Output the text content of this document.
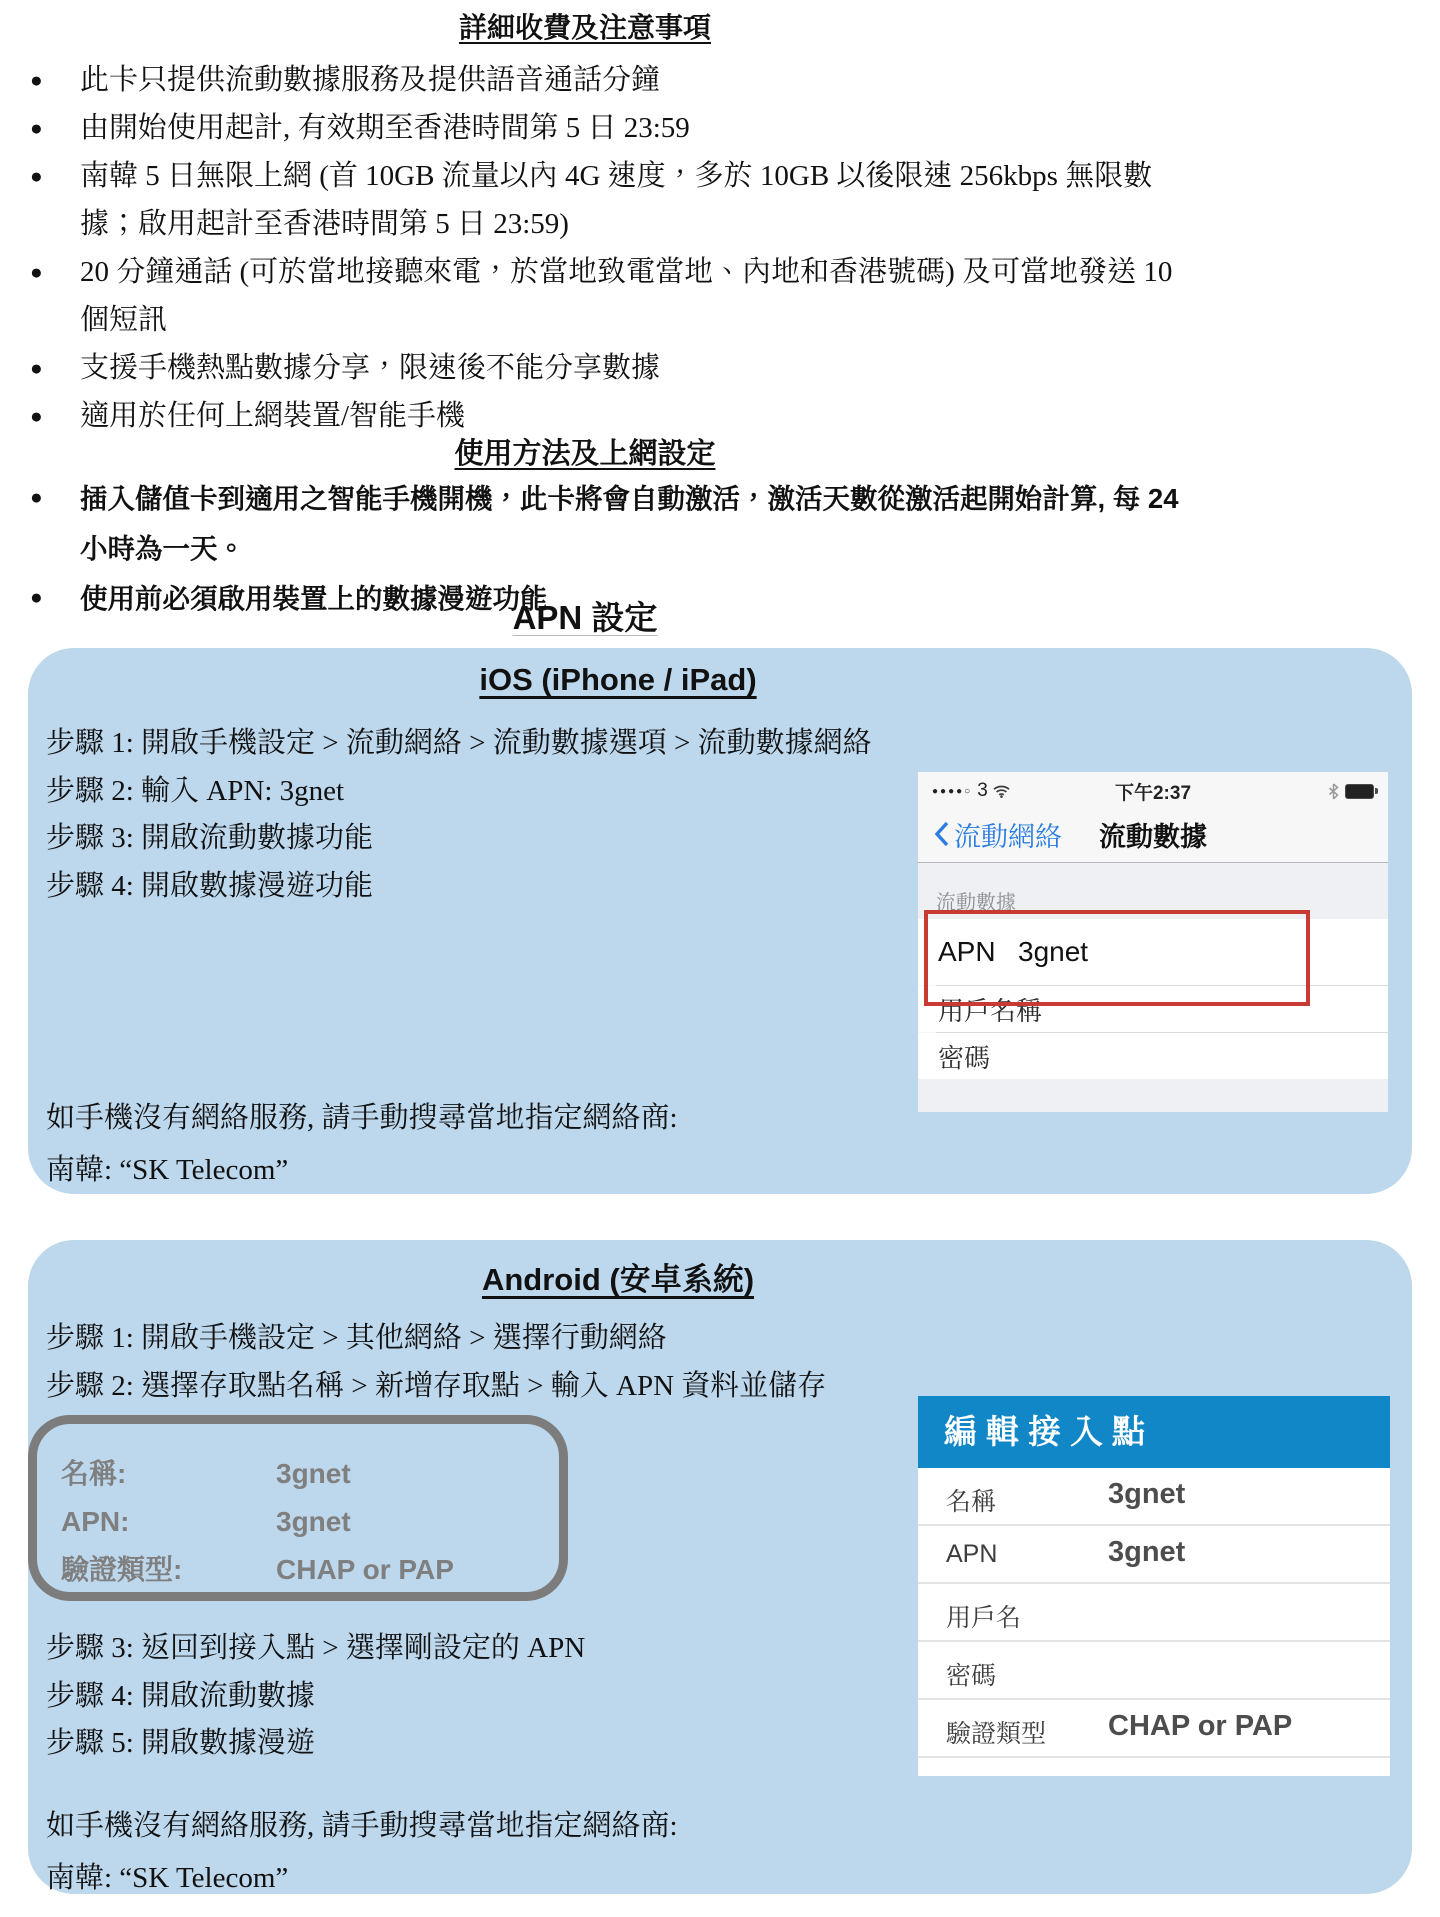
詳細收費及注意事項
● 此卡只提供流動數據服務及提供語音通話分鐘
● 由開始使用起計, 有效期至香港時間第 5 日 23:59
● 南韓 5 日無限上網 (首 10GB 流量以內 4G 速度，多於 10GB 以後限速 256kbps 無限數據；啟用起計至香港時間第 5 日 23:59)
● 20 分鐘通話 (可於當地接聽來電，於當地致電當地、內地和香港號碼) 及可當地發送 10 個短訊
● 支援手機熱點數據分享，限速後不能分享數據
● 適用於任何上網裝置/智能手機
使用方法及上網設定
● 插入儲值卡到適用之智能手機開機，此卡將會自動激活，激活天數從激活起開始計算, 每 24 小時為一天。
● 使用前必須啟用裝置上的數據漫遊功能
APN 設定
iOS (iPhone / iPad)
步驟 1: 開啟手機設定 > 流動網絡 > 流動數據選項 > 流動數據網絡
步驟 2: 輸入 APN: 3gnet
步驟 3: 開啟流動數據功能
步驟 4: 開啟數據漫遊功能
●●●●○ 3	下午2:37
流動數據
流動網絡
流動數據
APN 3gnet
用戶名稱
密碼
如手機沒有網絡服務, 請手動搜尋當地指定網絡商:
南韓: “SK Telecom”
Android (安卓系統)
步驟 1: 開啟手機設定 > 其他網絡 > 選擇行動網絡
步驟 2: 選擇存取點名稱 > 新增存取點 > 輸入 APN 資料並儲存
名稱:	3gnet
APN:	3gnet
驗證類型:	CHAP or PAP
步驟 3: 返回到接入點 > 選擇剛設定的 APN
步驟 4: 開啟流動數據
步驟 5: 開啟數據漫遊
編輯接入點
名稱	3gnet
APN	3gnet
用戶名
密碼
驗證類型 CHAP or PAP
如手機沒有網絡服務, 請手動搜尋當地指定網絡商:
南韓: “SK Telecom”
